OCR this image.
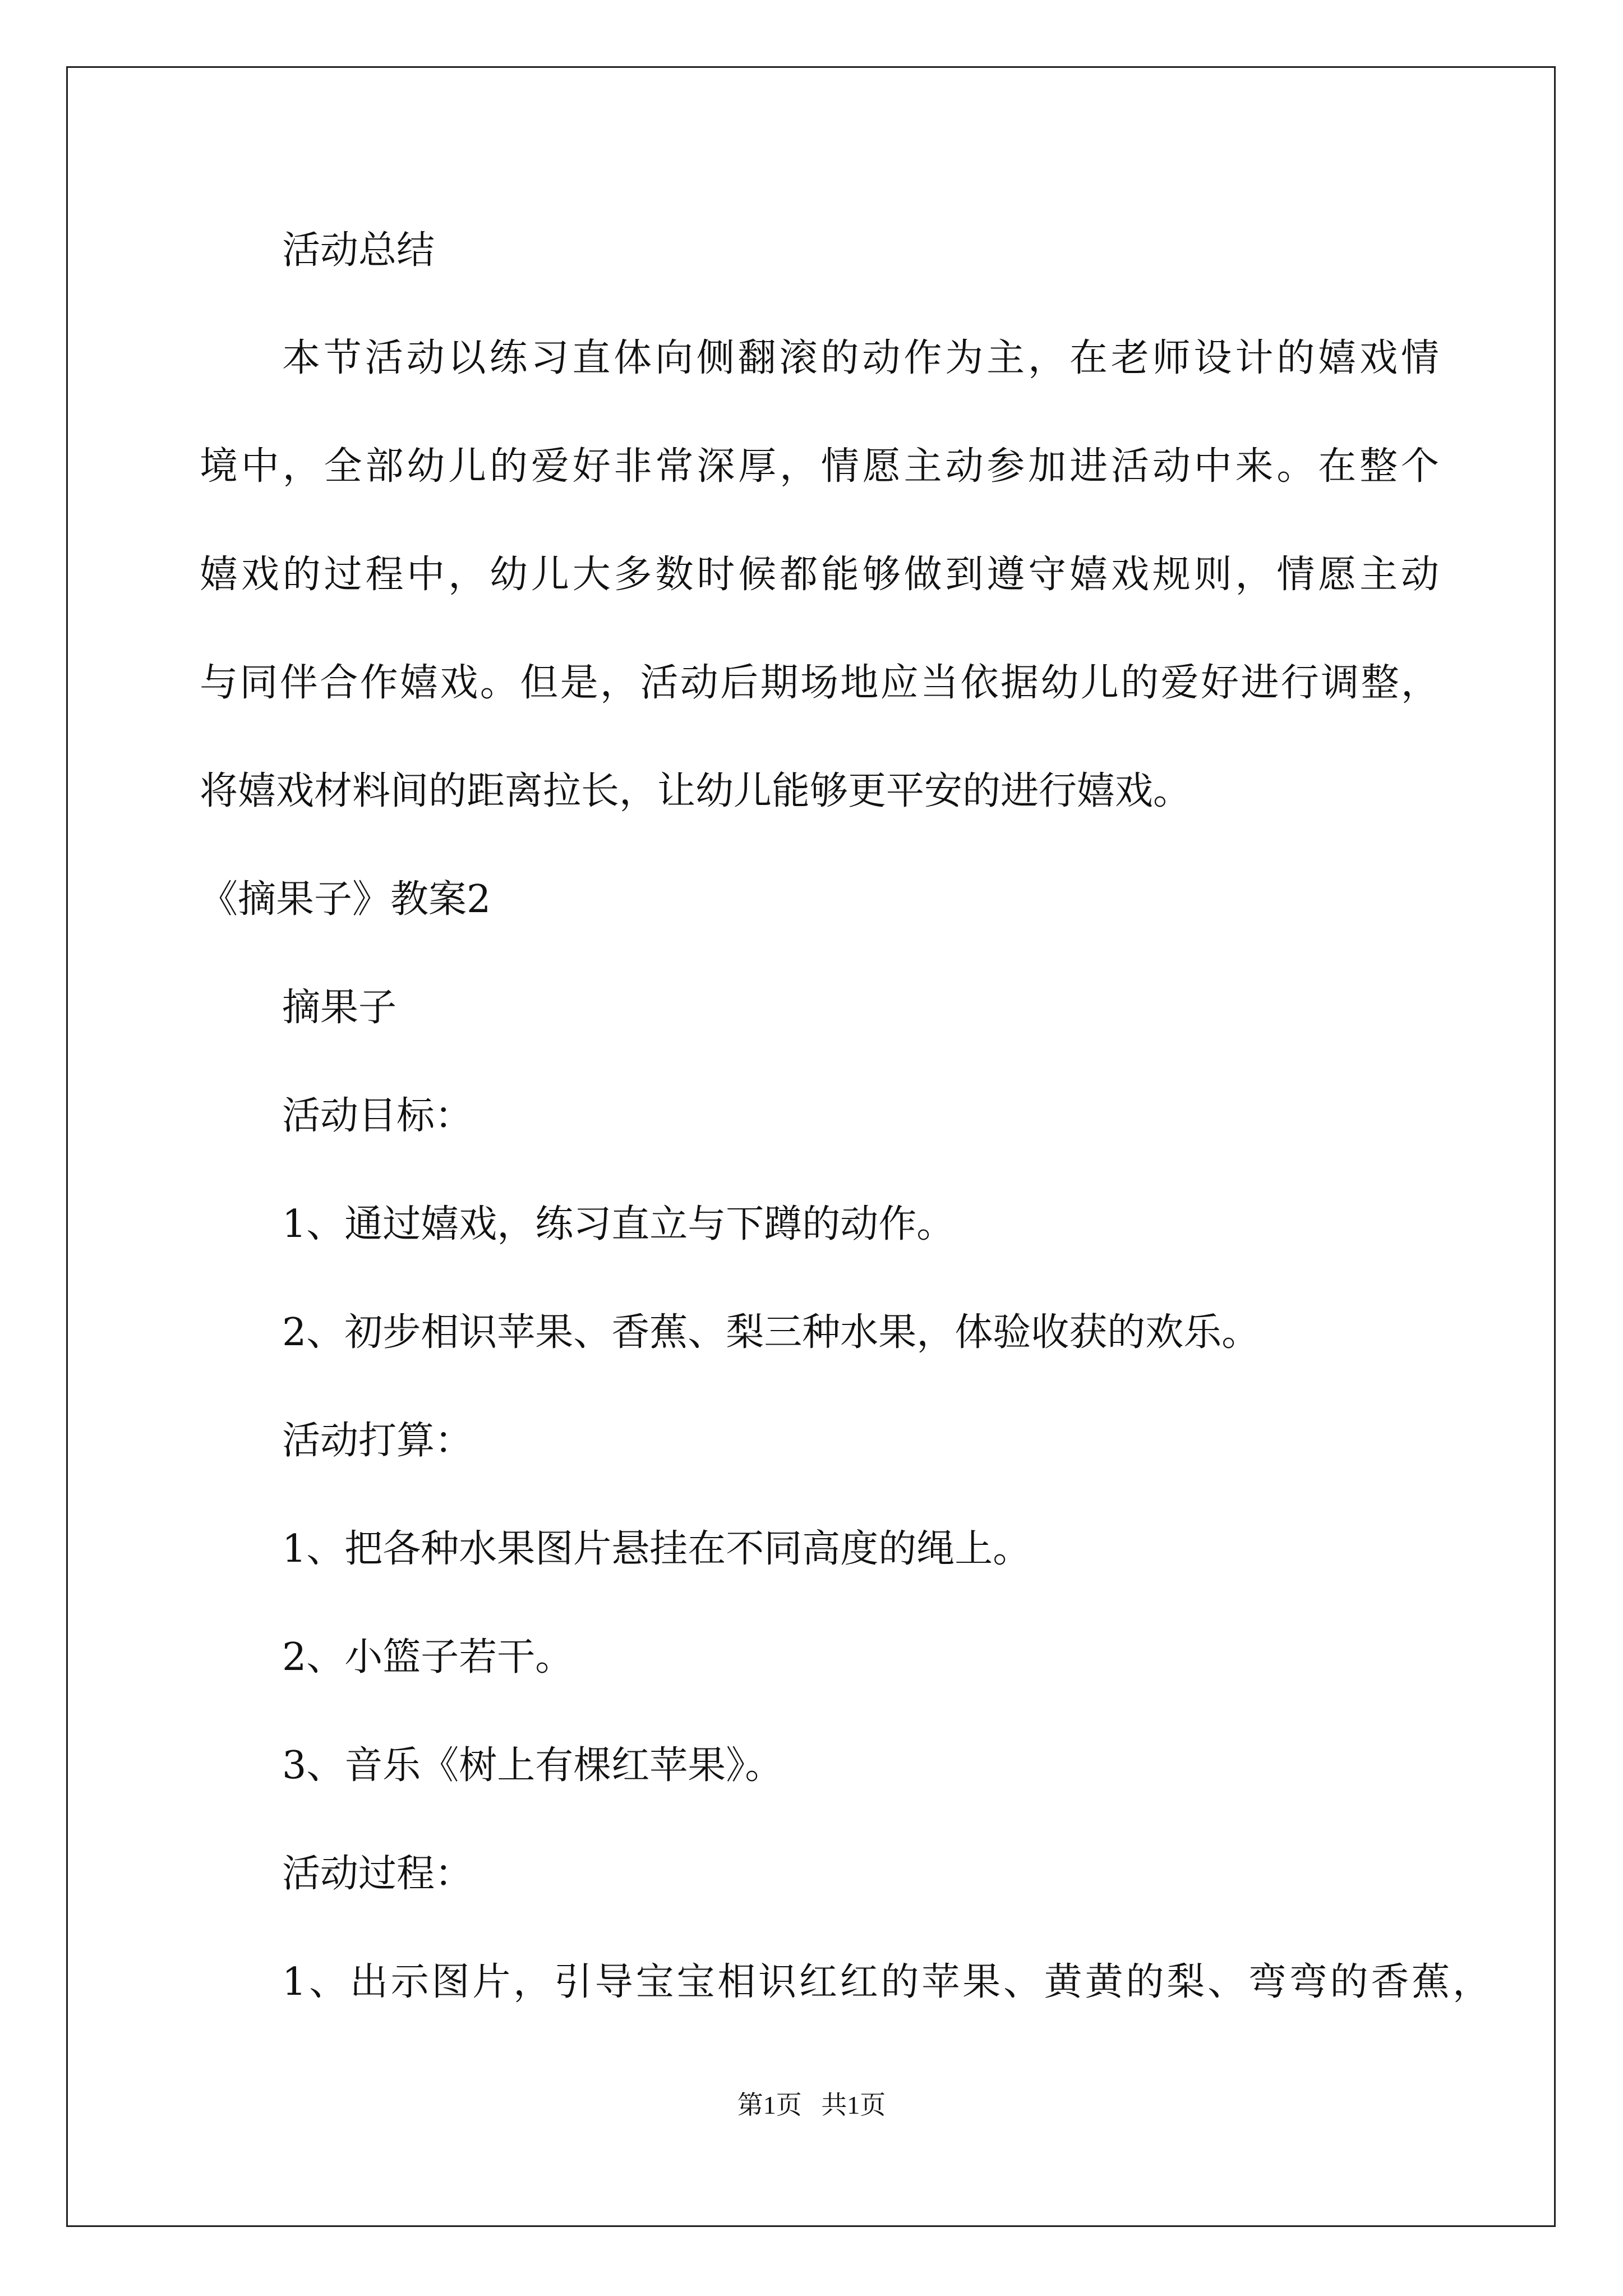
活动总结

本节活动以练习直体向侧翻滚的动作为主，在老师设计的嬉戏情

境中，全部幼儿的爱好非常深厚，情愿主动参加进活动中来。在整个

嬉戏的过程中，幼儿大多数时候都能够做到遵守嬉戏规则，情愿主动

与同伴合作嬉戏。但是，活动后期场地应当依据幼儿的爱好进行调整，

将嬉戏材料间的距离拉长，让幼儿能够更平安的进行嬉戏。

《摘果子》教案2

摘果子

活动目标：

1、通过嬉戏，练习直立与下蹲的动作。

2、初步相识苹果、香蕉、梨三种水果，体验收获的欢乐。

活动打算：

1、把各种水果图片悬挂在不同高度的绳上。

2、小篮子若干。

3、音乐《树上有棵红苹果》。

活动过程：

1、出示图片，引导宝宝相识红红的苹果、黄黄的梨、弯弯的香蕉，

第1页   共1页
